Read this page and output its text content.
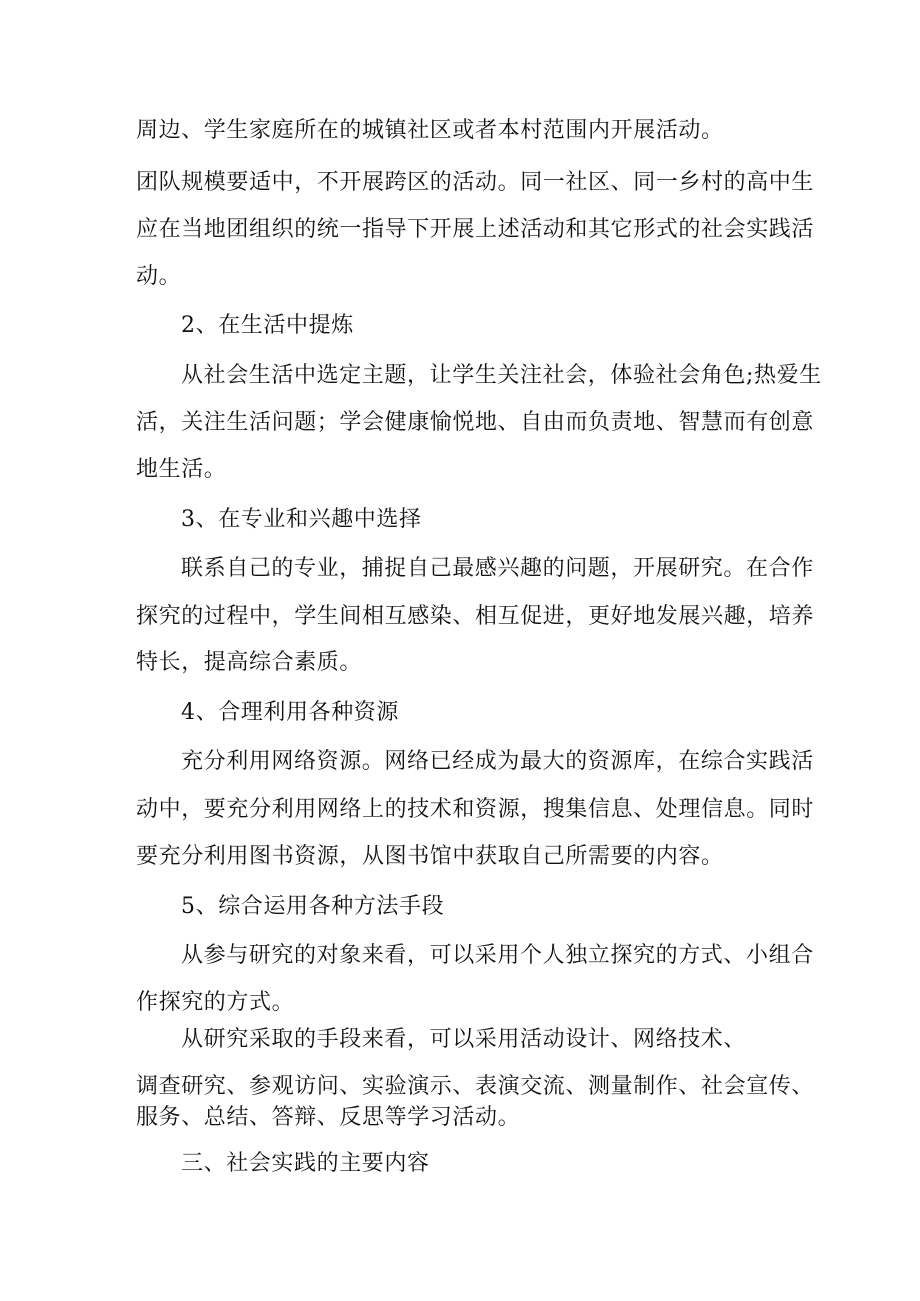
周边、学生家庭所在的城镇社区或者本村范围内开展活动。
团队规模要适中，不开展跨区的活动。同一社区、同一乡村的高中生
应在当地团组织的统一指导下开展上述活动和其它形式的社会实践活
动。
2、在生活中提炼
从社会生活中选定主题，让学生关注社会，体验社会角色;热爱生
活，关注生活问题；学会健康愉悦地、自由而负责地、智慧而有创意
地生活。
3、在专业和兴趣中选择
联系自己的专业，捕捉自己最感兴趣的问题，开展研究。在合作
探究的过程中，学生间相互感染、相互促进，更好地发展兴趣，培养
特长，提高综合素质。
4、合理利用各种资源
充分利用网络资源。网络已经成为最大的资源库，在综合实践活
动中，要充分利用网络上的技术和资源，搜集信息、处理信息。同时
要充分利用图书资源，从图书馆中获取自己所需要的内容。
5、综合运用各种方法手段
从参与研究的对象来看，可以采用个人独立探究的方式、小组合
作探究的方式。
从研究采取的手段来看，可以采用活动设计、网络技术、
调查研究、参观访问、实验演示、表演交流、测量制作、社会宣传、
服务、总结、答辩、反思等学习活动。
三、社会实践的主要内容
